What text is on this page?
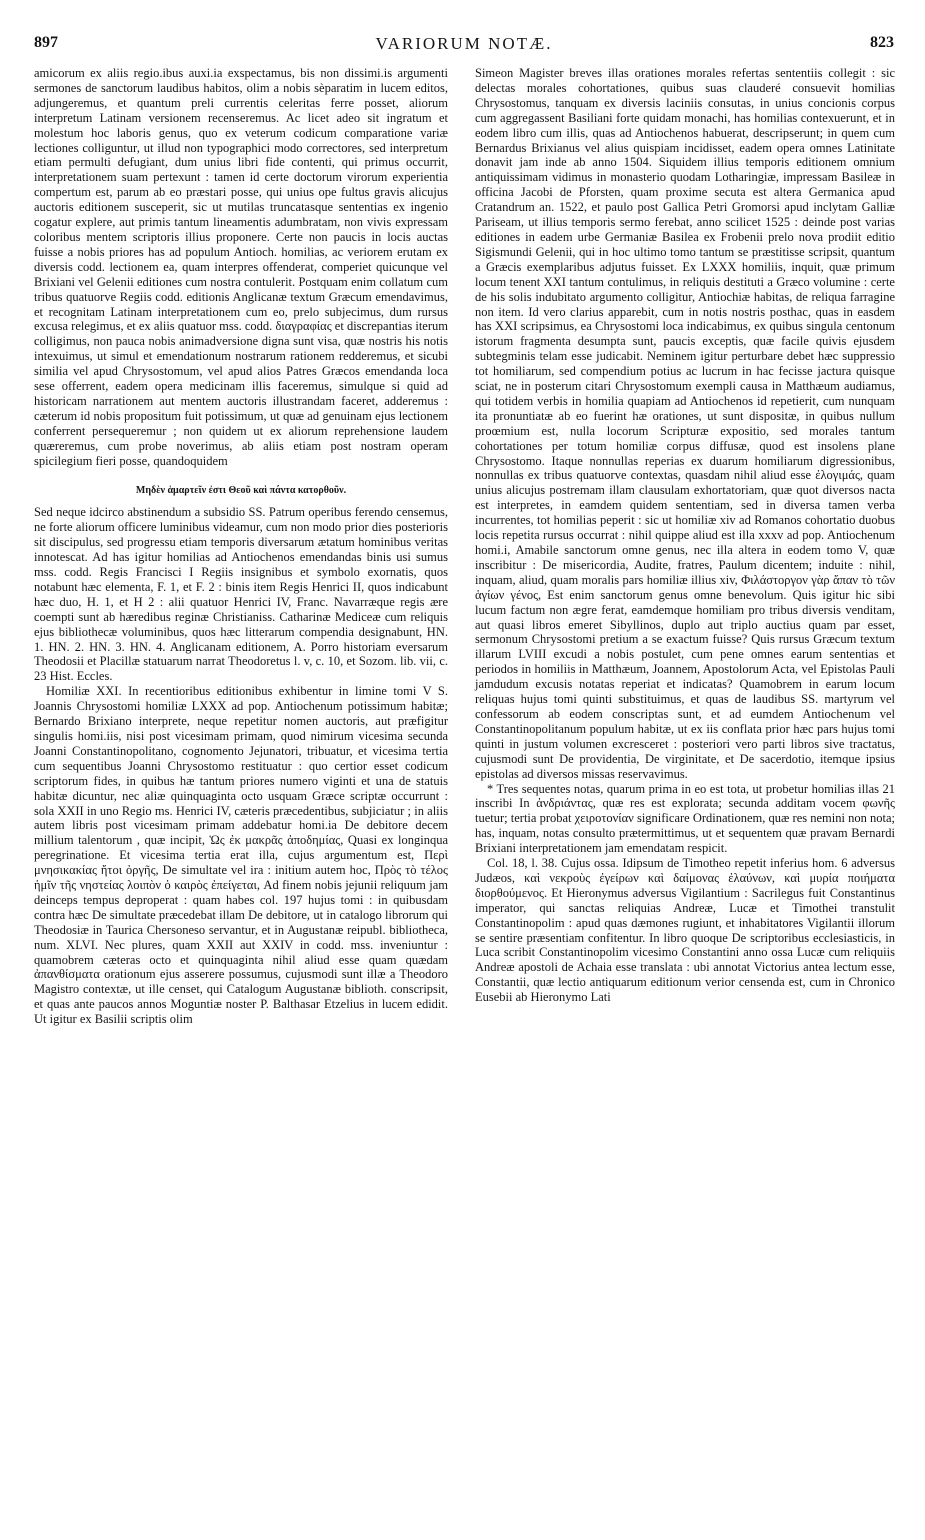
897	VARIORUM NOTÆ.	823

amicorum ex aliis regio.ibus auxi.ia exspectamus, bis non dissimi.is argumenti sermones de sanctorum laudibus habitos, olim a nobis sèparatim in lucem editos, adjungeremus, et quantum preli currentis celeritas ferre posset, aliorum interpretum Latinam versionem recenseremus. Ac licet adeo sit ingratum et molestum hoc laboris genus, quo ex veterum codicum comparatione variæ lectiones colliguntur, ut illud non typographici modo correctores, sed interpretum etiam permulti defugiant, dum unius libri fide contenti, qui primus occurrit, interpretationem suam pertexunt : tamen id certe doctorum virorum experientia compertum est, parum ab eo præstari posse, qui unius ope fultus gravis alicujus auctoris editionem susceperit, sic ut mutilas truncatasque sententias ex ingenio cogatur explere, aut primis tantum lineamentis adumbratam, non vivis expressam coloribus mentem scriptoris illius proponere. Certe non paucis in locis auctas fuisse a nobis priores has ad populum Antioch. homilias, ac veriorem erutam ex diversis codd. lectionem ea, quam interpres offenderat, comperiet quicunque vel Brixiani vel Gelenii editiones cum nostra contulerit. Postquam enim collatum cum tribus quatuorve Regiis codd. editionis Anglicanæ textum Græcum emendavimus, et recognitam Latinam interpretationem cum eo, prelo subjecimus, dum rursus excusa relegimus, et ex aliis quatuor mss. codd. διαγραφίας et discrepantias iterum colligimus, non pauca nobis animadversione digna sunt visa, quæ nostris his notis intexuimus, ut simul et emendationum nostrarum rationem redderemus, et sicubi similia vel apud Chrysostomum, vel apud alios Patres Græcos emendanda loca sese offerrent, eadem opera medicinam illis faceremus, simulque si quid ad historicam narrationem aut mentem auctoris illustrandam faceret, adderemus : cæterum id nobis propositum fuit potissimum, ut quæ ad genuinam ejus lectionem conferrent persequeremur ; non quidem ut ex aliorum reprehensione laudem quæreremus, cum probe noverimus, ab aliis etiam post nostram operam spicilegium fieri posse, quandoquidem

Μηδὲν ἁμαρτεῖν ἐστι Θεοῦ καὶ πάντα κατορθοῦν.

Sed neque idcirco abstinendum a subsidio SS. Patrum operibus ferendo censemus, ne forte aliorum officere luminibus videamur, cum non modo prior dies posterioris sit discipulus, sed progressu etiam temporis diversarum ætatum hominibus veritas innotescat. Ad has igitur homilias ad Antiochenos emendandas binis usi sumus mss. codd. Regis Francisci I Regiis insignibus et symbolo exornatis, quos notabunt hæc elementa, F. 1, et F. 2 : binis item Regis Henrici II, quos indicabunt hæc duo, H. 1, et H 2 : alii quatuor Henrici IV, Franc. Navarræque regis ære coempti sunt ab hæredibus reginæ Christianiss. Catharinæ Mediceæ cum reliquis ejus bibliothecæ voluminibus, quos hæc litterarum compendia designabunt, HN. 1. HN. 2. HN. 3. HN. 4. Anglicanam editionem, A. Porro historiam eversarum Theodosii et Placillæ statuarum narrat Theodoretus l. v, c. 10, et Sozom. lib. vii, c. 23 Hist. Eccles.

Homiliæ XXI. In recentioribus editionibus exhibentur in limine tomi V S. Joannis Chrysostomi homiliæ LXXX ad pop. Antiochenum potissimum habitæ; Bernardo Brixiano interprete, neque repetitur nomen auctoris, aut præfigitur singulis homi.iis, nisi post vicesimam primam, quod nimirum vicesima secunda Joanni Constantinopolitano, cognomento Jejunatori, tribuatur, et vicesima tertia cum sequentibus Joanni Chrysostomo restituatur : quo certior esset codicum scriptorum fides, in quibus hæ tantum priores numero viginti et una de statuis habitæ dicuntur, nec aliæ quinquaginta octo usquam Græce scriptæ occurrunt : sola XXII in uno Regio ms. Henrici IV, cæteris præcedentibus, subjiciatur ; in aliis autem libris post vicesimam primam addebatur homi.ia De debitore decem millium talentorum , quæ incipit, Ὡς ἐκ μακρᾶς ἀποδημίας, Quasi ex longinqua peregrinatione. Et vicesima tertia erat illa, cujus argumentum est, Περὶ μνησικακίας ἤτοι ὀργῆς, De simultate vel ira : initium autem hoc, Πρὸς τὸ τέλος ἡμῖν τῆς νηστείας λοιπὸν ὁ καιρὸς ἐπείγεται, Ad finem nobis jejunii reliquum jam deinceps tempus deproperat : quam habes col. 197 hujus tomi : in quibusdam contra hæc De simultate præcedebat illam De debitore, ut in catalogo librorum qui Theodosiæ in Taurica Chersoneso servantur, et in Augustanæ reipubl. bibliotheca, num. XLVI. Nec plures, quam XXII aut XXIV in codd. mss. inveniuntur : quamobrem cæteras octo et quinquaginta nihil aliud esse quam quædam ἀπανθίσματα orationum ejus asserere possumus, cujusmodi sunt illæ a Theodoro Magistro contextæ, ut ille censet, qui Catalogum Augustanæ biblioth. conscripsit, et quas ante paucos annos Moguntiæ noster P. Balthasar Etzelius in lucem edidit. Ut igitur ex Basilii scriptis olim

Simeon Magister breves illas orationes morales refertas sententiis collegit : sic delectas morales cohortationes, quibus suas clauderé consuevit homilias Chrysostomus, tanquam ex diversis laciniis consutas, in unius concionis corpus cum aggregassent Basiliani forte quidam monachi, has homilias contexuerunt, et in eodem libro cum illis, quas ad Antiochenos habuerat, descripserunt; in quem cum Bernardus Brixianus vel alius quispiam incidisset, eadem opera omnes Latinitate donavit jam inde ab anno 1504. Siquidem illius temporis editionem omnium antiquissimam vidimus in monasterio quodam Lotharingiæ, impressam Basileæ in officina Jacobi de Pforsten, quam proxime secuta est altera Germanica apud Cratandrum an. 1522, et paulo post Gallica Petri Gromorsi apud inclytam Galliæ Pariseam, ut illius temporis sermo ferebat, anno scilicet 1525 : deinde post varias editiones in eadem urbe Germaniæ Basilea ex Frobenii prelo nova prodiit editio Sigismundi Gelenii, qui in hoc ultimo tomo tantum se præstitisse scripsit, quantum a Græcis exemplaribus adjutus fuisset. Ex LXXX homiliis, inquit, quæ primum locum tenent XXI tantum contulimus, in reliquis destituti a Græco volumine : certe de his solis indubitato argumento colligitur, Antiochiæ habitas, de reliqua farragine non item. Id vero clarius apparebit, cum in notis nostris posthac, quas in easdem has XXI scripsimus, ea Chrysostomi loca indicabimus, ex quibus singula centonum istorum fragmenta desumpta sunt, paucis exceptis, quæ facile quivis ejusdem subtegminis telam esse judicabit. Neminem igitur perturbare debet hæc suppressio tot homiliarum, sed compendium potius ac lucrum in hac fecisse jactura quisque sciat, ne in posterum citari Chrysostomum exempli causa in Matthæum audiamus, qui totidem verbis in homilia quapiam ad Antiochenos id repetierit, cum nunquam ita pronuntiatæ ab eo fuerint hæ orationes, ut sunt dispositæ, in quibus nullum proœmium est, nulla locorum Scripturæ expositio, sed morales tantum cohortationes per totum homiliæ corpus diffusæ, quod est insolens plane Chrysostomo. Itaque nonnullas reperias ex duarum homiliarum digressionibus, nonnullas ex tribus quatuorve contextas, quasdam nihil aliud esse ἐλογιμάς, quam unius alicujus postremam illam clausulam exhortatoriam, quæ quot diversos nacta est interpretes, in eamdem quidem sententiam, sed in diversa tamen verba incurrentes, tot homilias peperit : sic ut homiliæ xiv ad Romanos cohortatio duobus locis repetita rursus occurrat : nihil quippe aliud est illa xxxv ad pop. Antiochenum homi.i, Amabile sanctorum omne genus, nec illa altera in eodem tomo V, quæ inscribitur : De misericordia, Audite, fratres, Paulum dicentem; induite : nihil, inquam, aliud, quam moralis pars homiliæ illius xiv, Φιλάστοργον γὰρ ἅπαν τὸ τῶν ἁγίων γένος, Est enim sanctorum genus omne benevolum. Quis igitur hic sibi lucum factum non ægre ferat, eamdemque homiliam pro tribus diversis venditam, aut quasi libros emeret Sibyllinos, duplo aut triplo auctius quam par esset, sermonum Chrysostomi pretium a se exactum fuisse? Quis rursus Græcum textum illarum LVIII excudi a nobis postulet, cum pene omnes earum sententias et periodos in homiliis in Matthæum, Joannem, Apostolorum Acta, vel Epistolas Pauli jamdudum excusis notatas reperiat et indicatas? Quamobrem in earum locum reliquas hujus tomi quinti substituimus, et quas de laudibus SS. martyrum vel confessorum ab eodem conscriptas sunt, et ad eumdem Antiochenum vel Constantinopolitanum populum habitæ, ut ex iis conflata prior hæc pars hujus tomi quinti in justum volumen excresceret : posteriori vero parti libros sive tractatus, cujusmodi sunt De providentia, De virginitate, et De sacerdotio, itemque ipsius epistolas ad diversos missas reservavimus.

* Tres sequentes notas, quarum prima in eo est tota, ut probetur homilias illas 21 inscribi In ἀνδριάντας, quæ res est explorata; secunda additam vocem φωνῆς tuetur; tertia probat χειροτονίαν significare Ordinationem, quæ res nemini non nota; has, inquam, notas consulto prætermittimus, ut et sequentem quæ pravam Bernardi Brixiani interpretationem jam emendatam respicit.

Col. 18, l. 38. Cujus ossa. Idipsum de Timotheo repetit inferius hom. 6 adversus Judæos, καὶ νεκροὺς ἐγείρων καὶ δαίμονας ἐλαύνων, καὶ μυρία ποιήματα διορθούμενος. Et Hieronymus adversus Vigilantium : Sacrilegus fuit Constantinus imperator, qui sanctas reliquias Andreæ, Lucæ et Timothei transtulit Constantinopolim : apud quas dæmones rugiunt, et inhabitatores Vigilantii illorum se sentire præsentiam confitentur. In libro quoque De scriptoribus ecclesiasticis, in Luca scribit Constantinopolim vicesimo Constantini anno ossa Lucæ cum reliquiis Andreæ apostoli de Achaia esse translata : ubi annotat Victorius antea lectum esse, Constantii, quæ lectio antiquarum editionum verior censenda est, cum in Chronico Eusebii ab Hieronymo Lati
